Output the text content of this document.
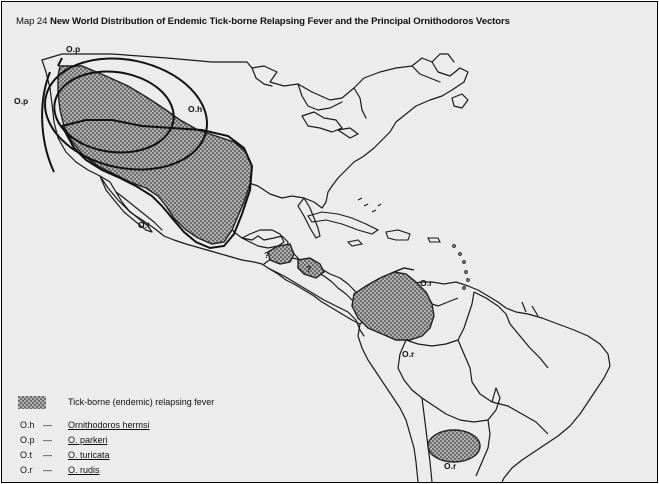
Map 24 New World Distribution of Endemic Tick-borne Relapsing Fever and the Principal Ornithodoros Vectors
O.p
O.p
O.h
O.t
O.r
O.r
O.r
?
?
Tick-borne (endemic) relapsing fever
O.h — Ornithodoros hermsi
O.p — O. parkeri
O.t — O. turicata
O.r — O. rudis
